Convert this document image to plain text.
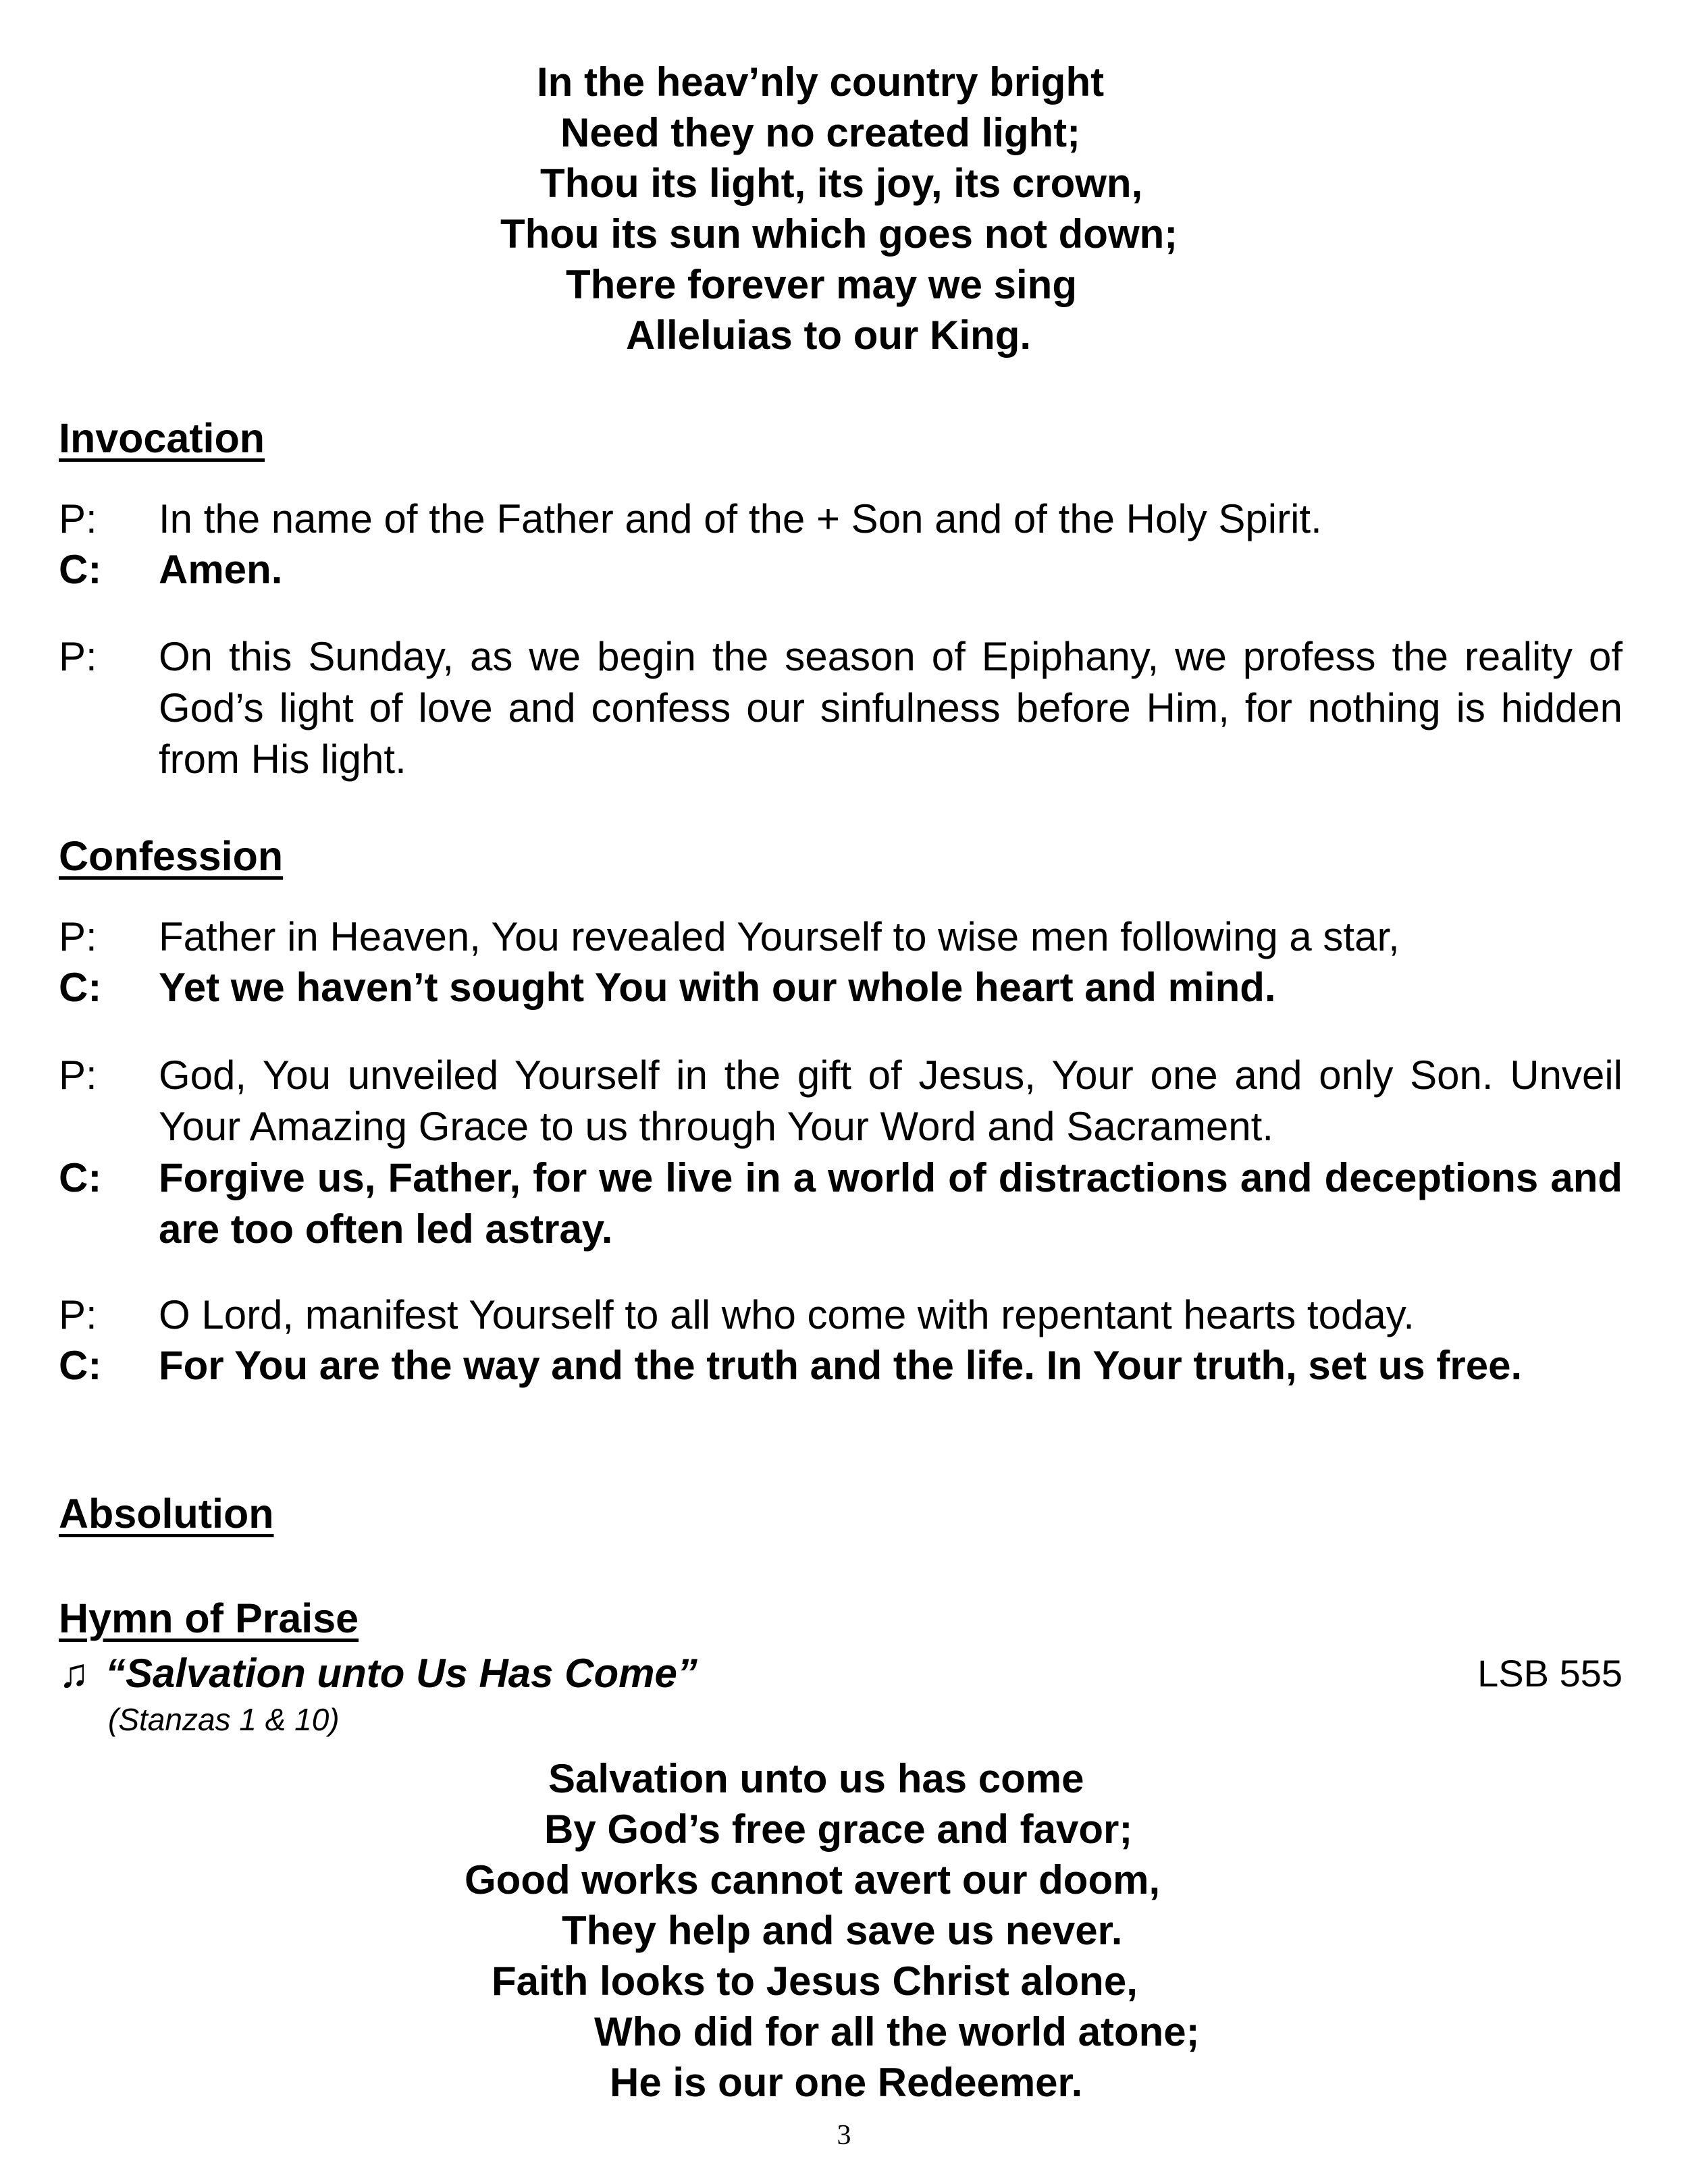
In the heav’nly country bright
Need they no created light;
Thou its light, its joy, its crown,
Thou its sun which goes not down;
There forever may we sing
Alleluias to our King.
Invocation
P:	In the name of the Father and of the + Son and of the Holy Spirit.
C:	Amen.
P:	On this Sunday, as we begin the season of Epiphany, we profess the reality of God’s light of love and confess our sinfulness before Him, for nothing is hidden from His light.
Confession
P:	Father in Heaven, You revealed Yourself to wise men following a star,
C:	Yet we haven’t sought You with our whole heart and mind.
P:	God, You unveiled Yourself in the gift of Jesus, Your one and only Son. Unveil Your Amazing Grace to us through Your Word and Sacrament.
C:	Forgive us, Father, for we live in a world of distractions and deceptions and are too often led astray.
P:	O Lord, manifest Yourself to all who come with repentant hearts today.
C:	For You are the way and the truth and the life. In Your truth, set us free.
Absolution
Hymn of Praise
♫ “Salvation unto Us Has Come”	LSB 555
(Stanzas 1 & 10)
Salvation unto us has come
By God’s free grace and favor;
Good works cannot avert our doom,
They help and save us never.
Faith looks to Jesus Christ alone,
Who did for all the world atone;
He is our one Redeemer.
3
